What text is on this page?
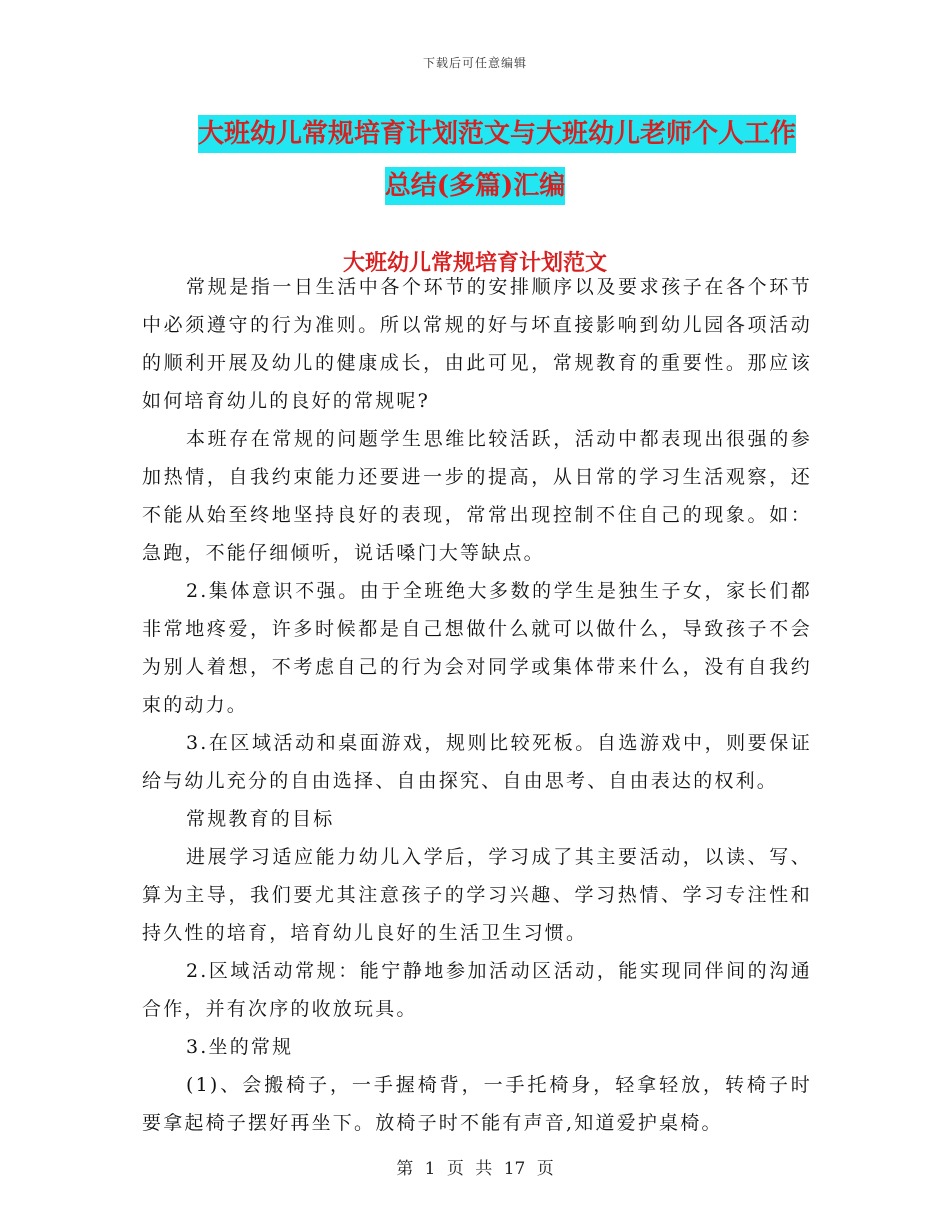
下载后可任意编辑
大班幼儿常规培育计划范文与大班幼儿老师个人工作
总结(多篇)汇编
大班幼儿常规培育计划范文

常规是指一日生活中各个环节的安排顺序以及要求孩子在各个环节中必须遵守的行为准则。所以常规的好与坏直接影响到幼儿园各项活动的顺利开展及幼儿的健康成长，由此可见，常规教育的重要性。那应该如何培育幼儿的良好的常规呢?

本班存在常规的问题学生思维比较活跃，活动中都表现出很强的参加热情，自我约束能力还要进一步的提高，从日常的学习生活观察，还不能从始至终地坚持良好的表现，常常出现控制不住自己的现象。如：急跑，不能仔细倾听，说话嗓门大等缺点。

2.集体意识不强。由于全班绝大多数的学生是独生子女，家长们都非常地疼爱，许多时候都是自己想做什么就可以做什么，导致孩子不会为别人着想，不考虑自己的行为会对同学或集体带来什么，没有自我约束的动力。

3.在区域活动和桌面游戏，规则比较死板。自选游戏中，则要保证给与幼儿充分的自由选择、自由探究、自由思考、自由表达的权利。

常规教育的目标

进展学习适应能力幼儿入学后，学习成了其主要活动，以读、写、算为主导，我们要尤其注意孩子的学习兴趣、学习热情、学习专注性和持久性的培育，培育幼儿良好的生活卫生习惯。

2.区域活动常规：能宁静地参加活动区活动，能实现同伴间的沟通合作，并有次序的收放玩具。

3.坐的常规

(1)、会搬椅子，一手握椅背，一手托椅身，轻拿轻放，转椅子时要拿起椅子摆好再坐下。放椅子时不能有声音,知道爱护桌椅。

第 1 页 共 17 页
